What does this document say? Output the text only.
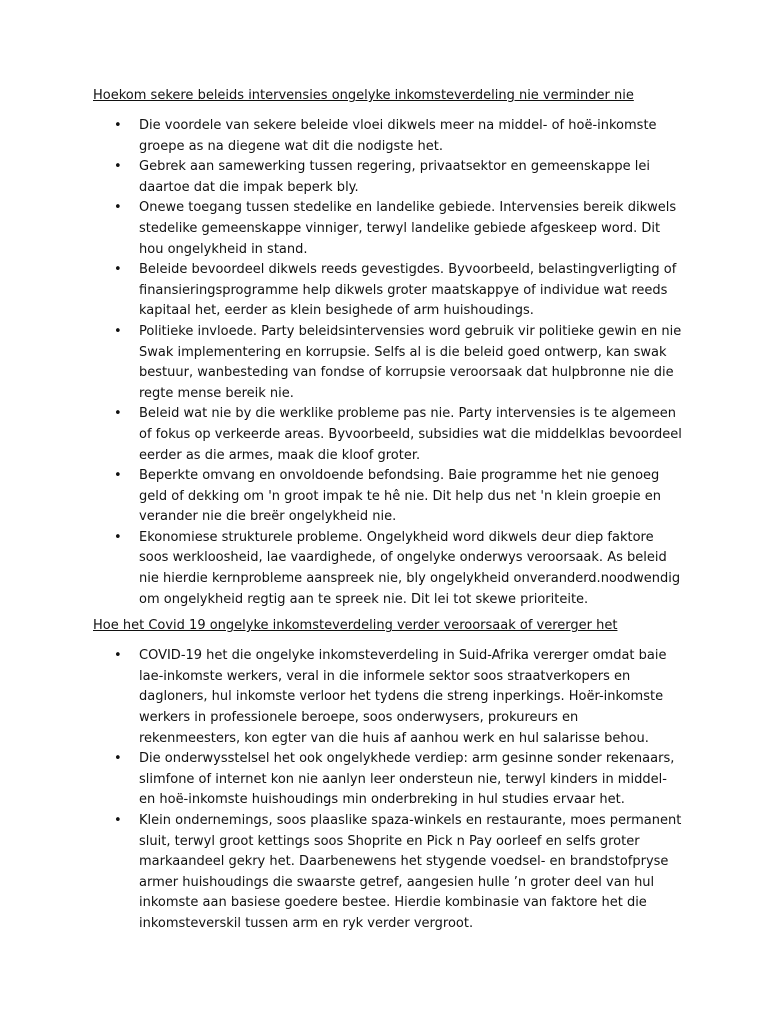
Hoekom sekere beleids intervensies ongelyke inkomsteverdeling nie verminder nie
• Die voordele van sekere beleide vloei dikwels meer na middel- of hoë-inkomste groepe as na diegene wat dit die nodigste het.
• Gebrek aan samewerking tussen regering, privaatsektor en gemeenskappe lei daartoe dat die impak beperk bly.
• Onewe toegang tussen stedelike en landelike gebiede. Intervensies bereik dikwels stedelike gemeenskappe vinniger, terwyl landelike gebiede afgeskeep word. Dit hou ongelykheid in stand.
• Beleide bevoordeel dikwels reeds gevestigdes. Byvoorbeeld, belastingverligting of finansieringsprogramme help dikwels groter maatskappye of individue wat reeds kapitaal het, eerder as klein besighede of arm huishoudings.
• Politieke invloede. Party beleidsintervensies word gebruik vir politieke gewin en nie Swak implementering en korrupsie. Selfs al is die beleid goed ontwerp, kan swak bestuur, wanbesteding van fondse of korrupsie veroorsaak dat hulpbronne nie die regte mense bereik nie.
• Beleid wat nie by die werklike probleme pas nie. Party intervensies is te algemeen of fokus op verkeerde areas. Byvoorbeeld, subsidies wat die middelklas bevoordeel eerder as die armes, maak die kloof groter.
• Beperkte omvang en onvoldoende befondsing. Baie programme het nie genoeg geld of dekking om 'n groot impak te hê nie. Dit help dus net 'n klein groepie en verander nie die breër ongelykheid nie.
• Ekonomiese strukturele probleme. Ongelykheid word dikwels deur diep faktore soos werkloosheid, lae vaardighede, of ongelyke onderwys veroorsaak. As beleid nie hierdie kernprobleme aanspreek nie, bly ongelykheid onveranderd.noodwendig om ongelykheid regtig aan te spreek nie. Dit lei tot skewe prioriteite.
Hoe het Covid 19 ongelyke inkomsteverdeling verder veroorsaak of vererger het
• COVID-19 het die ongelyke inkomsteverdeling in Suid-Afrika vererger omdat baie lae-inkomste werkers, veral in die informele sektor soos straatverkopers en dagloners, hul inkomste verloor het tydens die streng inperkings. Hoër-inkomste werkers in professionele beroepe, soos onderwysers, prokureurs en rekenmeesters, kon egter van die huis af aanhou werk en hul salarisse behou.
• Die onderwysstelsel het ook ongelykhede verdiep: arm gesinne sonder rekenaars, slimfone of internet kon nie aanlyn leer ondersteun nie, terwyl kinders in middel- en hoë-inkomste huishoudings min onderbreking in hul studies ervaar het.
• Klein ondernemings, soos plaaslike spaza-winkels en restaurante, moes permanent sluit, terwyl groot kettings soos Shoprite en Pick n Pay oorleef en selfs groter markaandeel gekry het. Daarbenewens het stygende voedsel- en brandstofpryse armer huishoudings die swaarste getref, aangesien hulle ’n groter deel van hul inkomste aan basiese goedere bestee. Hierdie kombinasie van faktore het die inkomsteverskil tussen arm en ryk verder vergroot.
